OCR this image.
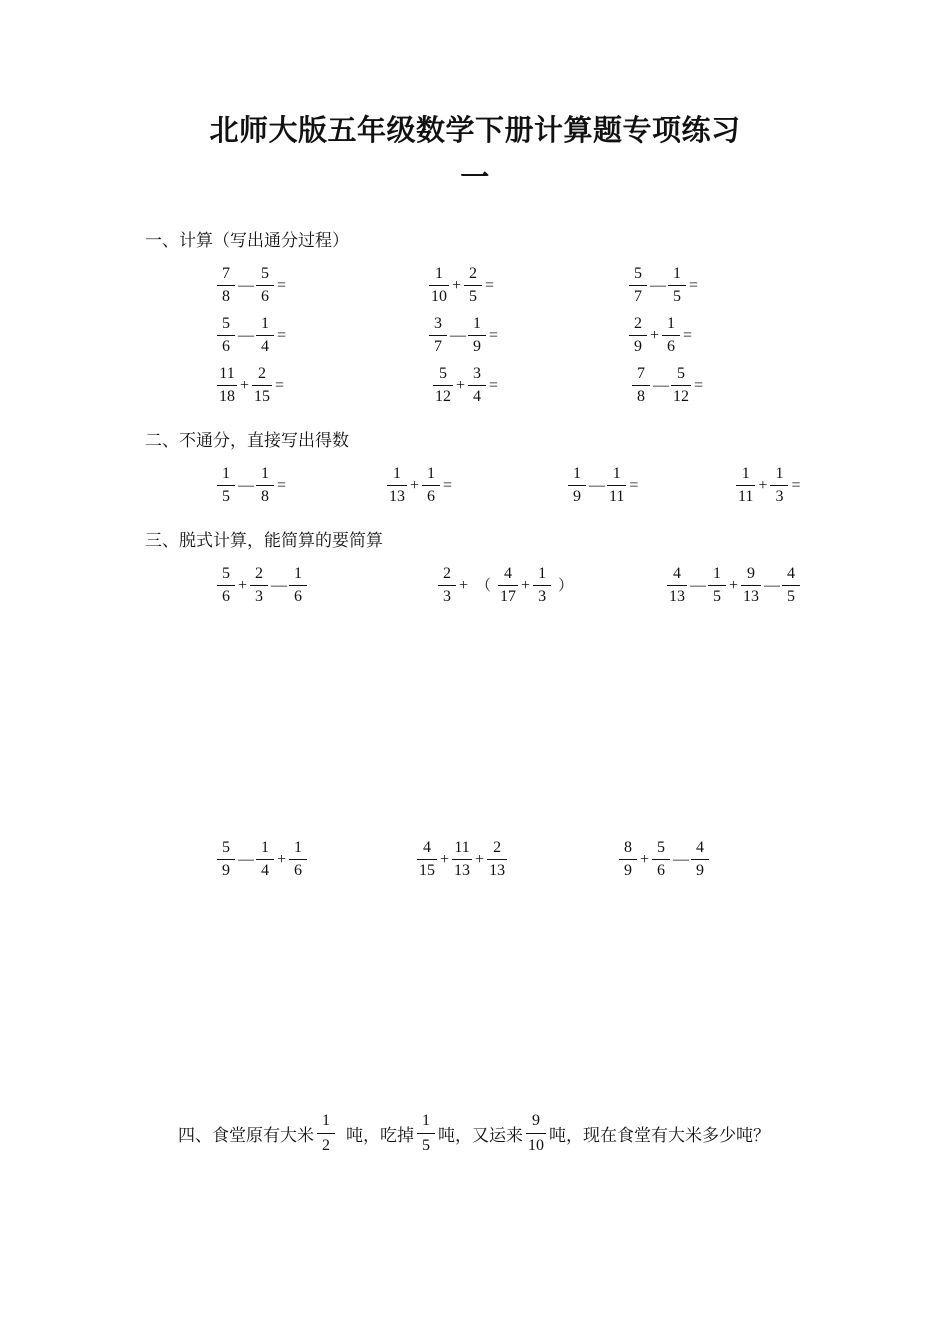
北师大版五年级数学下册计算题专项练习
一
一、计算（写出通分过程）
$\frac{7}{8}$ — $\frac{5}{6}$ =	$\frac{1}{10} + \frac{2}{5}$ =	$\frac{5}{7}$ — $\frac{1}{5}$ =
$\frac{5}{6}$ — $\frac{1}{4}$ =	$\frac{3}{7}$ — $\frac{1}{9}$ =	$\frac{2}{9} + \frac{1}{6}$ =
$\frac{11}{18} + \frac{2}{15}$ =	$\frac{5}{12} + \frac{3}{4}$ =	$\frac{7}{8}$ — $\frac{5}{12}$ =
二、不通分，直接写出得数
$\frac{1}{5}$ — $\frac{1}{8}$ =	$\frac{1}{13} + \frac{1}{6}$ =	$\frac{1}{9}$ — $\frac{1}{11}$ =	$\frac{1}{11} + \frac{1}{3}$ =
三、脱式计算，能简算的要简算
$\frac{5}{6} + \frac{2}{3}$ — $\frac{1}{6}$	$\frac{2}{3}$ + （ $\frac{4}{17} + \frac{1}{3}$ ）	$\frac{4}{13}$ — $\frac{1}{5} + \frac{9}{13}$ — $\frac{4}{5}$
$\frac{5}{9}$ — $\frac{1}{4} + \frac{1}{6}$	$\frac{4}{15} + \frac{11}{13} + \frac{2}{13}$	$\frac{8}{9} + \frac{5}{6}$ — $\frac{4}{9}$
四、食堂原有大米 $\frac{1}{2}$ 吨，吃掉 $\frac{1}{5}$ 吨，又运来 $\frac{9}{10}$ 吨，现在食堂有大米多少吨？
